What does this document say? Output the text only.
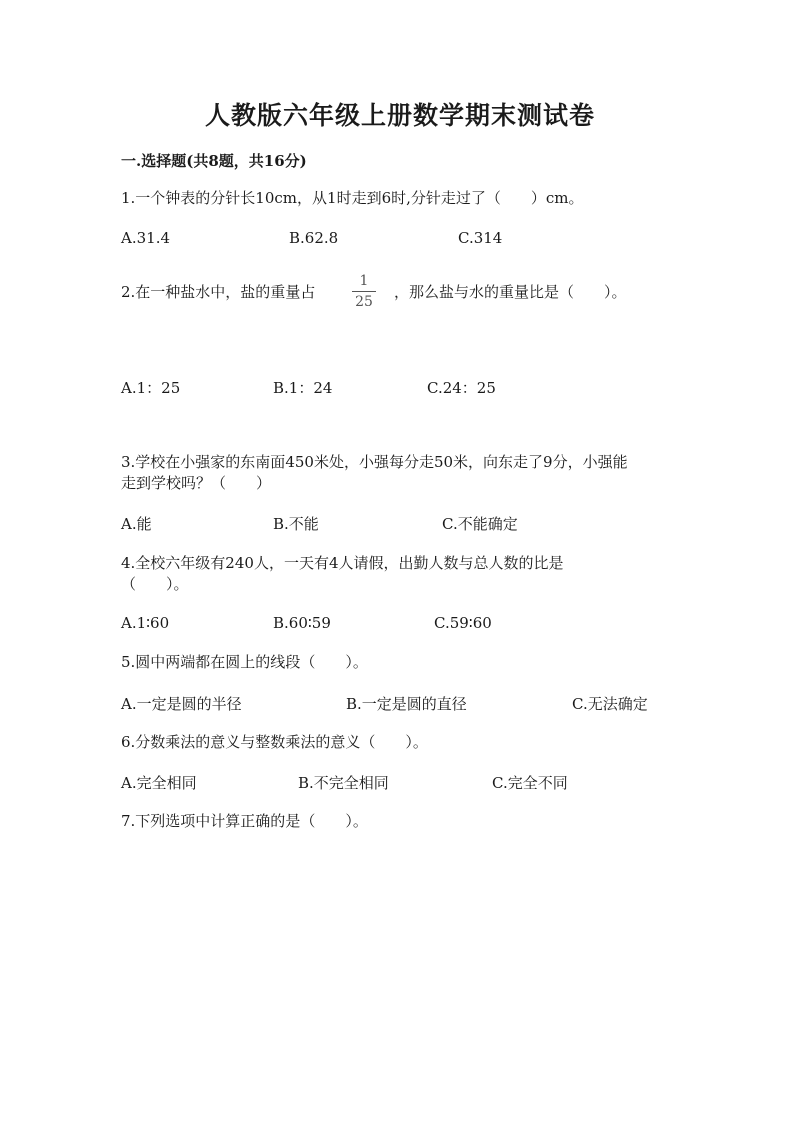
人教版六年级上册数学期末测试卷
一.选择题(共8题，共16分)
1.一个钟表的分针长10cm，从1时走到6时,分针走过了（　　）cm。
A.31.4	B.62.8	C.314
2.在一种盐水中，盐的重量占
1
25
，那么盐与水的重量比是（　　）。
A.1：25	B.1：24	C.24：25
3.学校在小强家的东南面450米处，小强每分走50米，向东走了9分，小强能
走到学校吗？（　　）
A.能	B.不能	C.不能确定
4.全校六年级有240人，一天有4人请假，出勤人数与总人数的比是
（　　）。
A.1∶60	B.60∶59	C.59∶60
5.圆中两端都在圆上的线段（　　）。
A.一定是圆的半径	B.一定是圆的直径	C.无法确定
6.分数乘法的意义与整数乘法的意义（　　）。
A.完全相同	B.不完全相同	C.完全不同
7.下列选项中计算正确的是（　　）。
